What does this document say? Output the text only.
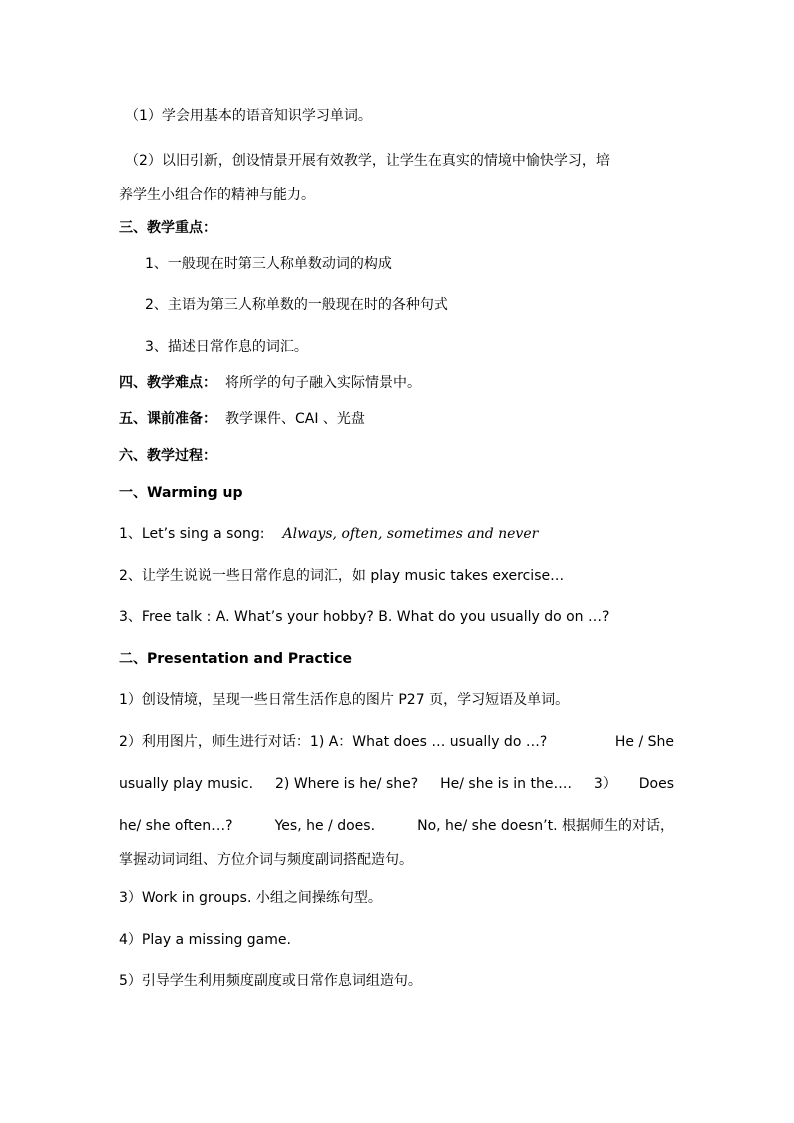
（1）学会用基本的语音知识学习单词。
（2）以旧引新，创设情景开展有效教学，让学生在真实的情境中愉快学习，培
养学生小组合作的精神与能力。
三、教学重点：
1、一般现在时第三人称单数动词的构成
2、主语为第三人称单数的一般现在时的各种句式
3、描述日常作息的词汇。
四、教学难点： 将所学的句子融入实际情景中。
五、课前准备： 教学课件、CAI 、光盘
六、教学过程：
一、Warming up
1、Let’s sing a song: Always, often, sometimes and never
2、让学生说说一些日常作息的词汇，如 play music takes exercise…
3、Free talk : A. What’s your hobby? B. What do you usually do on …?
二、Presentation and Practice
1）创设情境，呈现一些日常生活作息的图片 P27 页，学习短语及单词。
2）利用图片，师生进行对话：1) A：What does … usually do …?	He / She
usually play music. 2) Where is he/ she? He/ she is in the…. 3） Does
he/ she often…?	Yes, he / does.	No, he/ she doesn’t. 根据师生的对话，
掌握动词词组、方位介词与频度副词搭配造句。
3）Work in groups. 小组之间操练句型。
4）Play a missing game.
5）引导学生利用频度副度或日常作息词组造句。
